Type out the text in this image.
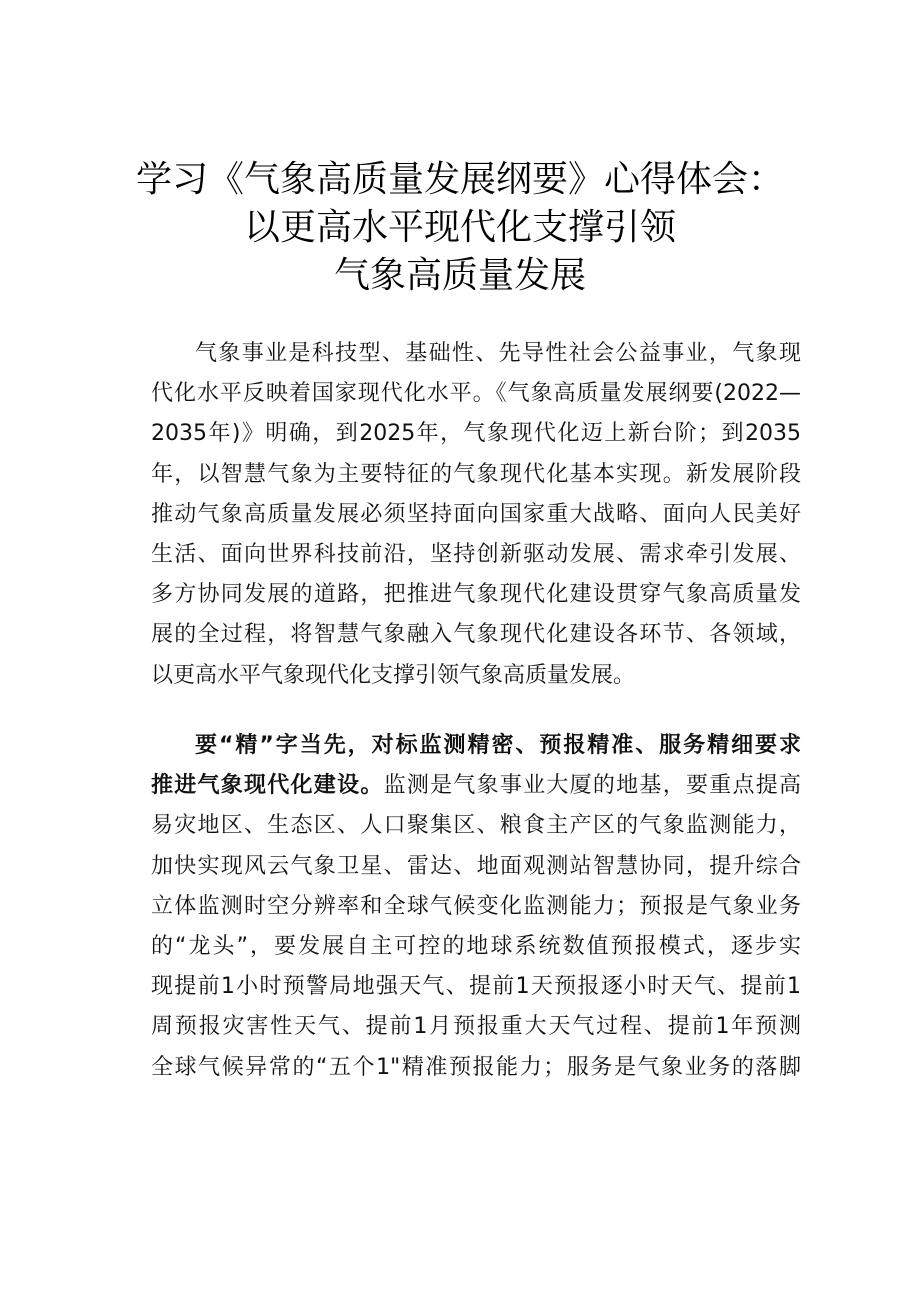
学习《气象高质量发展纲要》心得体会：
以更高水平现代化支撑引领
气象高质量发展
气象事业是科技型、基础性、先导性社会公益事业，气象现
代化水平反映着国家现代化水平。《气象高质量发展纲要(2022—
2035年)》明确，到2025年，气象现代化迈上新台阶；到2035
年，以智慧气象为主要特征的气象现代化基本实现。新发展阶段
推动气象高质量发展必须坚持面向国家重大战略、面向人民美好
生活、面向世界科技前沿，坚持创新驱动发展、需求牵引发展、
多方协同发展的道路，把推进气象现代化建设贯穿气象高质量发
展的全过程，将智慧气象融入气象现代化建设各环节、各领域，
以更高水平气象现代化支撑引领气象高质量发展。
要“精”字当先，对标监测精密、预报精准、服务精细要求
推进气象现代化建设。监测是气象事业大厦的地基，要重点提高
易灾地区、生态区、人口聚集区、粮食主产区的气象监测能力，
加快实现风云气象卫星、雷达、地面观测站智慧协同，提升综合
立体监测时空分辨率和全球气候变化监测能力；预报是气象业务
的“龙头”，要发展自主可控的地球系统数值预报模式，逐步实
现提前1小时预警局地强天气、提前1天预报逐小时天气、提前1
周预报灾害性天气、提前1月预报重大天气过程、提前1年预测
全球气候异常的“五个1"精准预报能力；服务是气象业务的落脚
